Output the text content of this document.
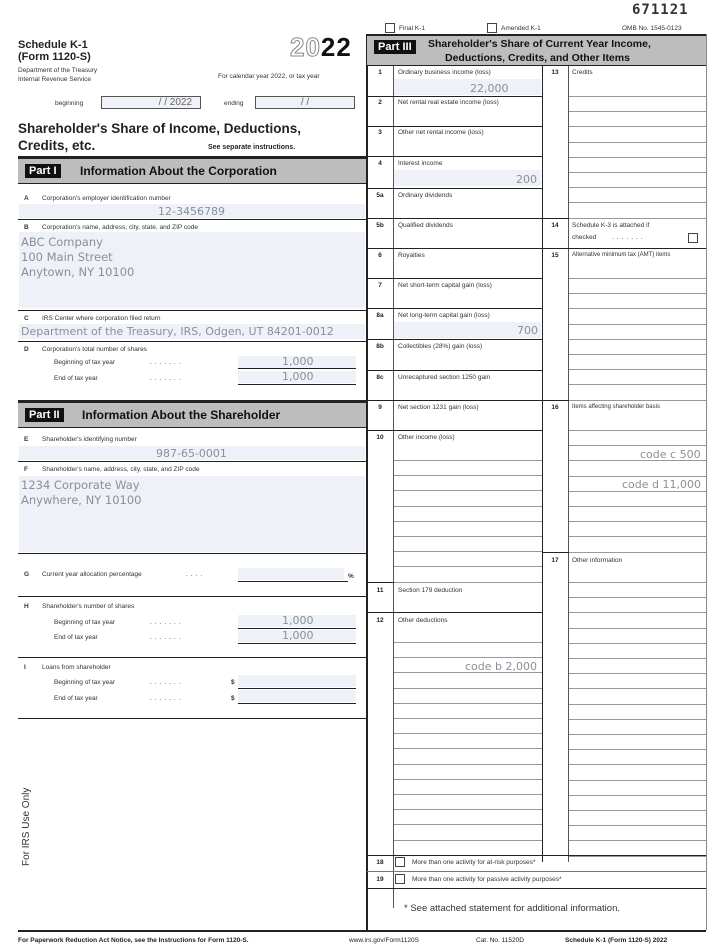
671121
Final K-1	Amended K-1	OMB No. 1545-0123
Schedule K-1
(Form 1120-S)	2022
Department of the Treasury
Internal Revenue Service	For calendar year 2022, or tax year
beginning	/ / 2022	ending	/ /
Shareholder's Share of Income, Deductions,
Credits, etc.	See separate instructions.
Part I	Information About the Corporation
A Corporation's employer identification number
12-3456789
B Corporation's name, address, city, state, and ZIP code
ABC Company
100 Main Street
Anytown, NY 10100
C IRS Center where corporation filed return
Department of the Treasury, IRS, Odgen, UT 84201-0012
D Corporation's total number of shares
Beginning of tax year	.......	1,000
End of tax year	.......	1,000
Part II	Information About the Shareholder
E Shareholder's identifying number
987-65-0001
F Shareholder's name, address, city, state, and ZIP code
1234 Corporate Way
Anywhere, NY 10100
G Current year allocation percentage	....	%
H Shareholder's number of shares
Beginning of tax year	.......	1,000
End of tax year	.......	1,000
I Loans from shareholder
Beginning of tax year	.......	$
End of tax year	.......	$
For IRS Use Only
Part III	Shareholder's Share of Current Year Income,
Deductions, Credits, and Other Items
1	Ordinary business income (loss)
22,000
2	Net rental real estate income (loss)
3	Other net rental income (loss)
4	Interest income
200
5a	Ordinary dividends
5b	Qualified dividends
6	Royalties
7	Net short-term capital gain (loss)
8a	Net long-term capital gain (loss)
700
8b	Collectibles (28%) gain (loss)
8c	Unrecaptured section 1250 gain
9	Net section 1231 gain (loss)
10	Other income (loss)
11	Section 179 deduction
12	Other deductions
code b 2,000
13	Credits
14	Schedule K-3 is attached if
checked .......
15	Alternative minimum tax (AMT) items
16	Items affecting shareholder basis
code c 500
code d 11,000
17	Other information
18	More than one activity for at-risk purposes*
19	More than one activity for passive activity purposes*
* See attached statement for additional information.
For Paperwork Reduction Act Notice, see the Instructions for Form 1120-S.	www.irs.gov/Form1120S	Cat. No. 11520D	Schedule K-1 (Form 1120-S) 2022
